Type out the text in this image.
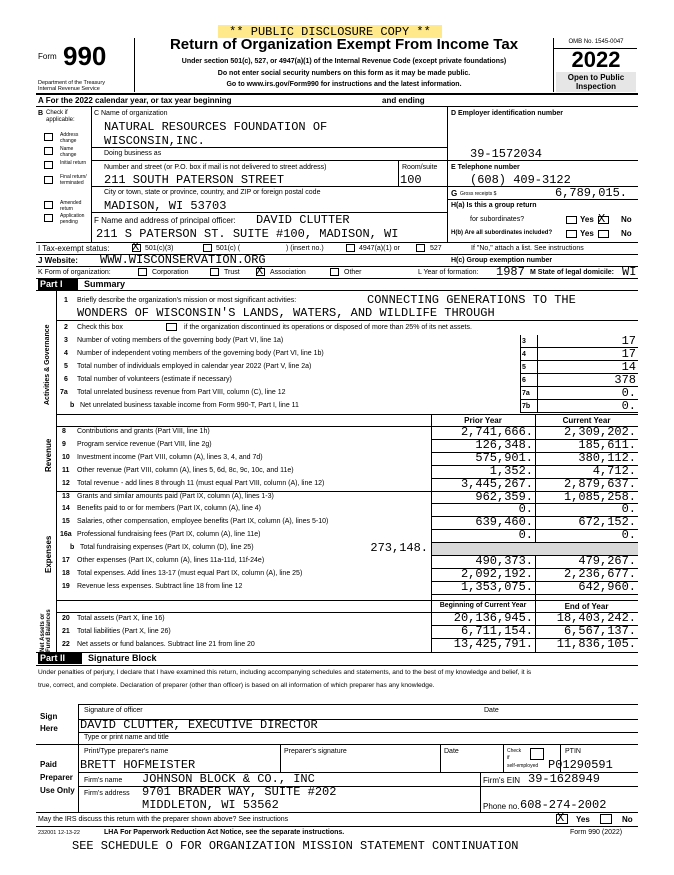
** PUBLIC DISCLOSURE COPY **
Form 990
Department of the Treasury
Internal Revenue Service
Return of Organization Exempt From Income Tax
Under section 501(c), 527, or 4947(a)(1) of the Internal Revenue Code (except private foundations)
Do not enter social security numbers on this form as it may be made public.
Go to www.irs.gov/Form990 for instructions and the latest information.
OMB No. 1545-0047
2022
Open to Public
Inspection
A For the 2022 calendar year, or tax year beginning	and ending
B Check if applicable:
Address change
Name change
Initial return
Final return/ terminated
Amended return
Application pending
C Name of organization
NATURAL RESOURCES FOUNDATION OF
WISCONSIN,INC.
Doing business as
Number and street (or P.O. box if mail is not delivered to street address)	Room/suite
211 SOUTH PATERSON STREET	100
City or town, state or province, country, and ZIP or foreign postal code
MADISON, WI 53703
F Name and address of principal officer: DAVID CLUTTER
211 S PATERSON ST. SUITE #100, MADISON, WI
D Employer identification number
39-1572034
E Telephone number
(608) 409-3122
G Gross receipts $	6,789,015.
H(a) Is this a group return
for subordinates?	Yes X No
H(b) Are all subordinates included?	Yes	No
I Tax-exempt status: X 501(c)(3)	501(c) (	) (insert no.)	4947(a)(1) or	527	If "No," attach a list. See instructions
J Website: WWW.WISCONSERVATION.ORG	H(c) Group exemption number
K Form of organization:	Corporation	Trust X Association	Other	L Year of formation: 1987 M State of legal domicile: WI
Part I Summary
Activities & Governance
Revenue
Expenses
Net Assets or Fund Balances
1 Briefly describe the organization's mission or most significant activities:	CONNECTING GENERATIONS TO THE
WONDERS OF WISCONSIN'S LANDS, WATERS, AND WILDLIFE THROUGH
2 Check this box	if the organization discontinued its operations or disposed of more than 25% of its net assets.
3 Number of voting members of the governing body (Part VI, line 1a)	3	17
4 Number of independent voting members of the governing body (Part VI, line 1b)	4	17
5 Total number of individuals employed in calendar year 2022 (Part V, line 2a)	5	14
6 Total number of volunteers (estimate if necessary)	6	378
7a Total unrelated business revenue from Part VIII, column (C), line 12	7a	0.
b Net unrelated business taxable income from Form 990-T, Part I, line 11	7b	0.
Prior Year	Current Year
8 Contributions and grants (Part VIII, line 1h)	2,741,666.	2,309,202.
9 Program service revenue (Part VIII, line 2g)	126,348.	185,611.
10 Investment income (Part VIII, column (A), lines 3, 4, and 7d)	575,901.	380,112.
11 Other revenue (Part VIII, column (A), lines 5, 6d, 8c, 9c, 10c, and 11e)	1,352.	4,712.
12 Total revenue - add lines 8 through 11 (must equal Part VIII, column (A), line 12)	3,445,267.	2,879,637.
13 Grants and similar amounts paid (Part IX, column (A), lines 1-3)	962,359.	1,085,258.
14 Benefits paid to or for members (Part IX, column (A), line 4)	0.	0.
15 Salaries, other compensation, employee benefits (Part IX, column (A), lines 5-10)	639,460.	672,152.
16a Professional fundraising fees (Part IX, column (A), line 11e)	0.	0.
b Total fundraising expenses (Part IX, column (D), line 25)	273,148.
17 Other expenses (Part IX, column (A), lines 11a-11d, 11f-24e)	490,373.	479,267.
18 Total expenses. Add lines 13-17 (must equal Part IX, column (A), line 25)	2,092,192.	2,236,677.
19 Revenue less expenses. Subtract line 18 from line 12	1,353,075.	642,960.
Beginning of Current Year	End of Year
20 Total assets (Part X, line 16)	20,136,945.	18,403,242.
21 Total liabilities (Part X, line 26)	6,711,154.	6,567,137.
22 Net assets or fund balances. Subtract line 21 from line 20	13,425,791.	11,836,105.
Part II	Signature Block
Under penalties of perjury, I declare that I have examined this return, including accompanying schedules and statements, and to the best of my knowledge and belief, it is
true, correct, and complete. Declaration of preparer (other than officer) is based on all information of which preparer has any knowledge.
Sign
Here
Signature of officer	Date
DAVID CLUTTER, EXECUTIVE DIRECTOR
Type or print name and title
Paid
Preparer
Use Only
Print/Type preparer's name	Preparer's signature	Date	Check
if
self-employed
PTIN
BRETT HOFMEISTER	P01290591
Firm's name JOHNSON BLOCK & CO., INC	Firm's EIN 39-1628949
Firm's address 9701 BRADER WAY, SUITE #202
MIDDLETON, WI 53562	Phone no. 608-274-2002
May the IRS discuss this return with the preparer shown above? See instructions	X Yes	No
232001 12-13-22	LHA For Paperwork Reduction Act Notice, see the separate instructions.	Form 990 (2022)
SEE SCHEDULE O FOR ORGANIZATION MISSION STATEMENT CONTINUATION
